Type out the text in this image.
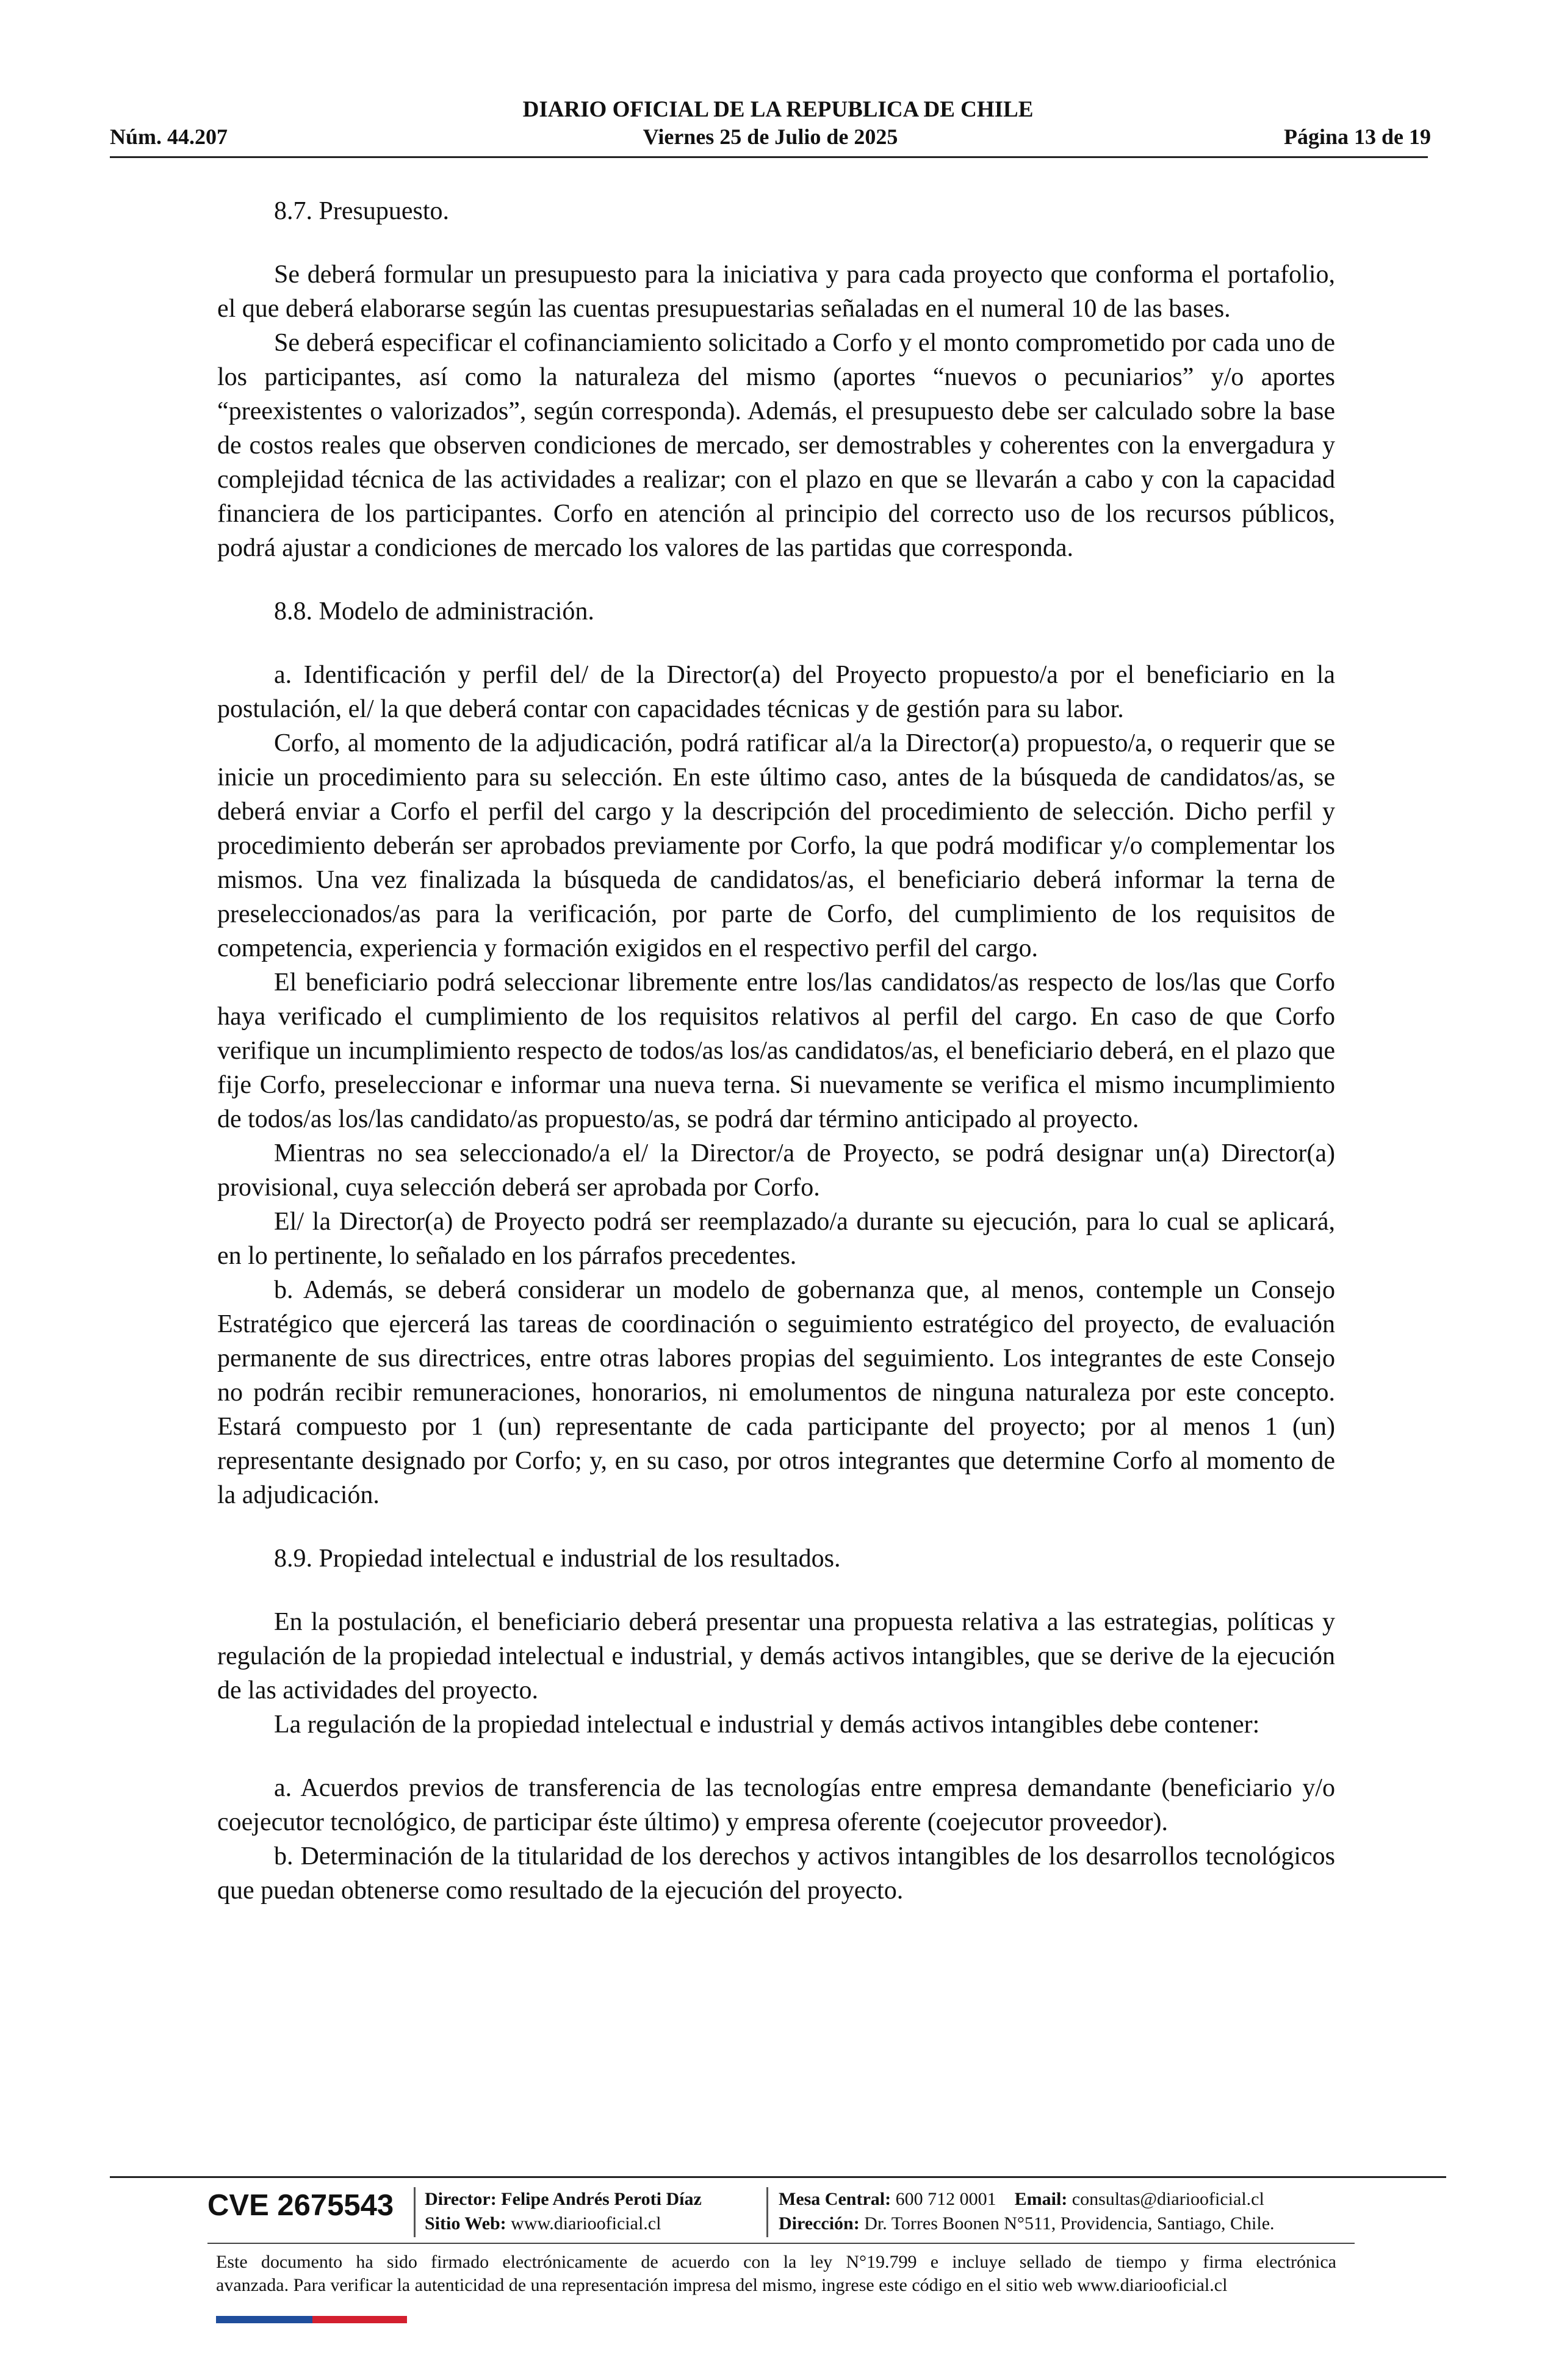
DIARIO OFICIAL DE LA REPUBLICA DE CHILE
Viernes 25 de Julio de 2025
Núm. 44.207	Página 13 de 19

8.7. Presupuesto.

Se deberá formular un presupuesto para la iniciativa y para cada proyecto que conforma el portafolio, el que deberá elaborarse según las cuentas presupuestarias señaladas en el numeral 10 de las bases.

Se deberá especificar el cofinanciamiento solicitado a Corfo y el monto comprometido por cada uno de los participantes, así como la naturaleza del mismo (aportes “nuevos o pecuniarios” y/o aportes “preexistentes o valorizados”, según corresponda). Además, el presupuesto debe ser calculado sobre la base de costos reales que observen condiciones de mercado, ser demostrables y coherentes con la envergadura y complejidad técnica de las actividades a realizar; con el plazo en que se llevarán a cabo y con la capacidad financiera de los participantes. Corfo en atención al principio del correcto uso de los recursos públicos, podrá ajustar a condiciones de mercado los valores de las partidas que corresponda.

8.8. Modelo de administración.

a. Identificación y perfil del/ de la Director(a) del Proyecto propuesto/a por el beneficiario en la postulación, el/ la que deberá contar con capacidades técnicas y de gestión para su labor.

Corfo, al momento de la adjudicación, podrá ratificar al/a la Director(a) propuesto/a, o requerir que se inicie un procedimiento para su selección. En este último caso, antes de la búsqueda de candidatos/as, se deberá enviar a Corfo el perfil del cargo y la descripción del procedimiento de selección. Dicho perfil y procedimiento deberán ser aprobados previamente por Corfo, la que podrá modificar y/o complementar los mismos. Una vez finalizada la búsqueda de candidatos/as, el beneficiario deberá informar la terna de preseleccionados/as para la verificación, por parte de Corfo, del cumplimiento de los requisitos de competencia, experiencia y formación exigidos en el respectivo perfil del cargo.

El beneficiario podrá seleccionar libremente entre los/las candidatos/as respecto de los/las que Corfo haya verificado el cumplimiento de los requisitos relativos al perfil del cargo. En caso de que Corfo verifique un incumplimiento respecto de todos/as los/as candidatos/as, el beneficiario deberá, en el plazo que fije Corfo, preseleccionar e informar una nueva terna. Si nuevamente se verifica el mismo incumplimiento de todos/as los/las candidato/as propuesto/as, se podrá dar término anticipado al proyecto.

Mientras no sea seleccionado/a el/ la Director/a de Proyecto, se podrá designar un(a) Director(a) provisional, cuya selección deberá ser aprobada por Corfo.

El/ la Director(a) de Proyecto podrá ser reemplazado/a durante su ejecución, para lo cual se aplicará, en lo pertinente, lo señalado en los párrafos precedentes.

b. Además, se deberá considerar un modelo de gobernanza que, al menos, contemple un Consejo Estratégico que ejercerá las tareas de coordinación o seguimiento estratégico del proyecto, de evaluación permanente de sus directrices, entre otras labores propias del seguimiento. Los integrantes de este Consejo no podrán recibir remuneraciones, honorarios, ni emolumentos de ninguna naturaleza por este concepto. Estará compuesto por 1 (un) representante de cada participante del proyecto; por al menos 1 (un) representante designado por Corfo; y, en su caso, por otros integrantes que determine Corfo al momento de la adjudicación.

8.9. Propiedad intelectual e industrial de los resultados.

En la postulación, el beneficiario deberá presentar una propuesta relativa a las estrategias, políticas y regulación de la propiedad intelectual e industrial, y demás activos intangibles, que se derive de la ejecución de las actividades del proyecto.

La regulación de la propiedad intelectual e industrial y demás activos intangibles debe contener:

a. Acuerdos previos de transferencia de las tecnologías entre empresa demandante (beneficiario y/o coejecutor tecnológico, de participar éste último) y empresa oferente (coejecutor proveedor).

b. Determinación de la titularidad de los derechos y activos intangibles de los desarrollos tecnológicos que puedan obtenerse como resultado de la ejecución del proyecto.

CVE 2675543 Director: Felipe Andrés Peroti Díaz
Sitio Web: www.diariooficial.cl
Mesa Central: 600 712 0001 Email: consultas@diariooficial.cl
Dirección: Dr. Torres Boonen N°511, Providencia, Santiago, Chile.

Este documento ha sido firmado electrónicamente de acuerdo con la ley N°19.799 e incluye sellado de tiempo y firma electrónica

avanzada. Para verificar la autenticidad de una representación impresa del mismo, ingrese este código en el sitio web www.diariooficial.cl
